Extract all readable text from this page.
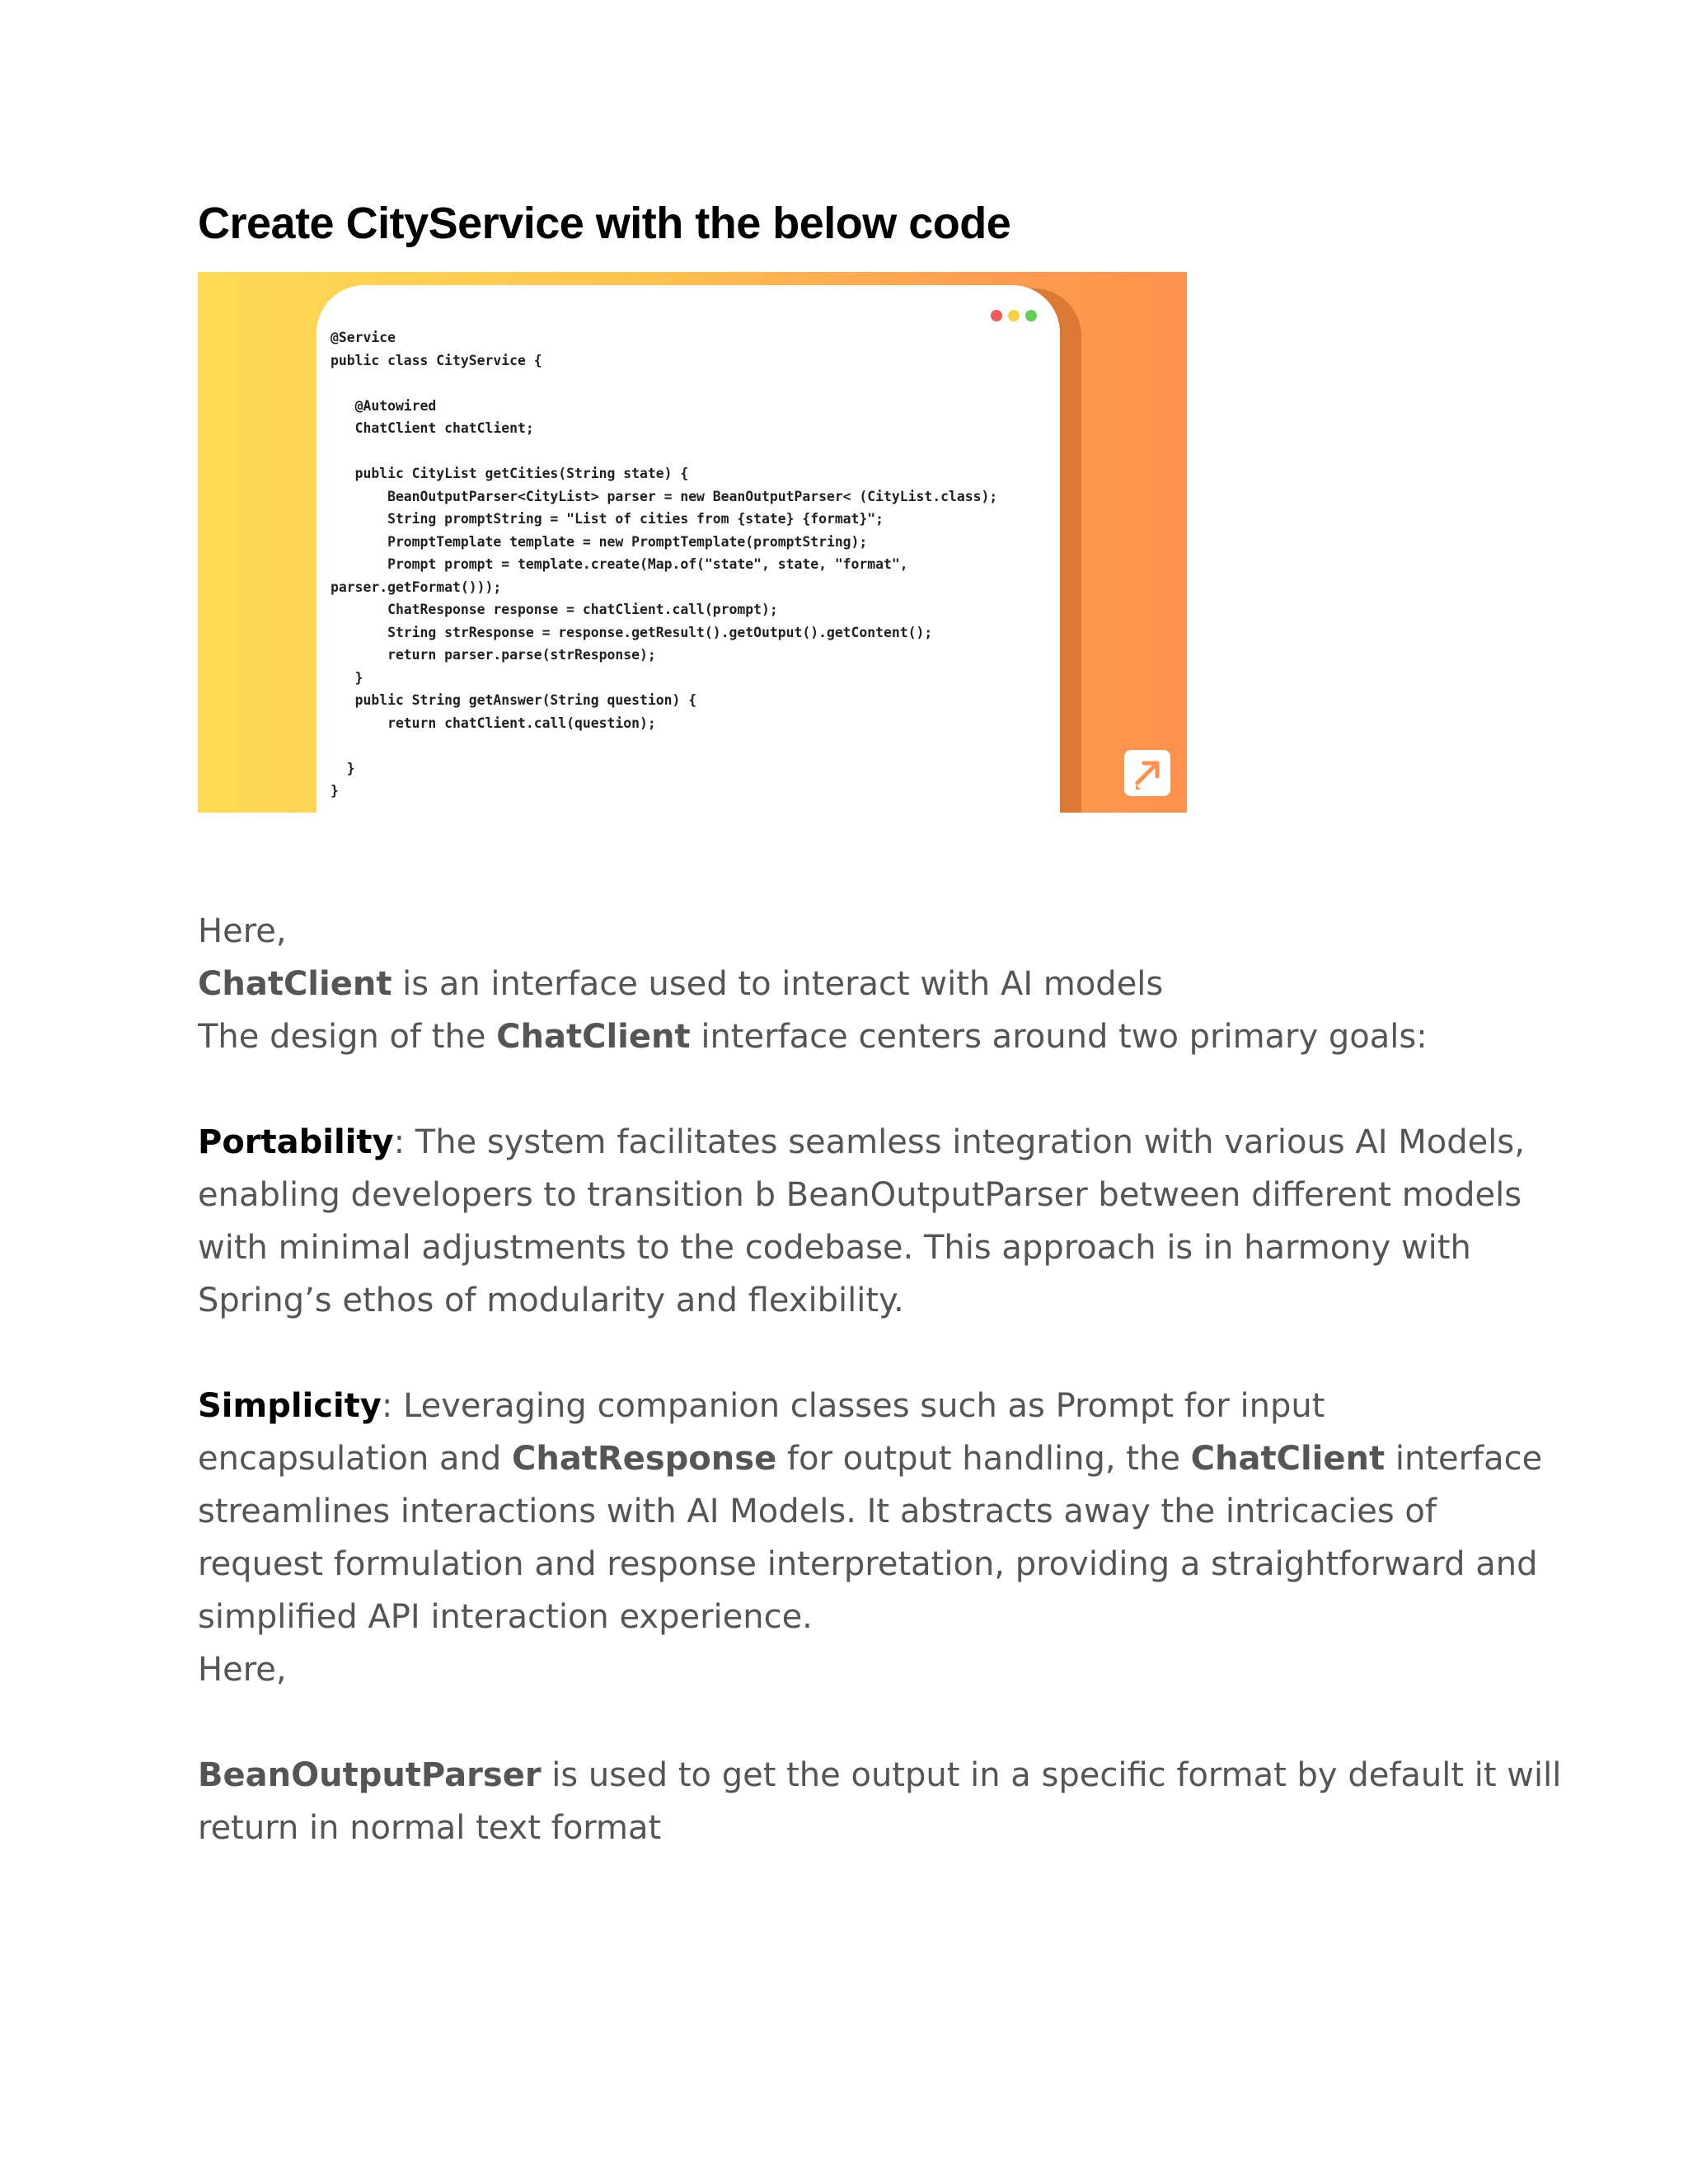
Create CityService with the below code
@Service
public class CityService {

@Autowired
ChatClient chatClient;

public CityList getCities(String state) {
BeanOutputParser<CityList> parser = new BeanOutputParser< (CityList.class);
String promptString = "List of cities from {state} {format}";
PromptTemplate template = new PromptTemplate(promptString);
Prompt prompt = template.create(Map.of("state", state, "format",
parser.getFormat()));
ChatResponse response = chatClient.call(prompt);
String strResponse = response.getResult().getOutput().getContent();
return parser.parse(strResponse);
}
public String getAnswer(String question) {
return chatClient.call(question);

}
}

Here,

ChatClient is an interface used to interact with AI models

The design of the ChatClient interface centers around two primary goals:

Portability: The system facilitates seamless integration with various AI Models,

enabling developers to transition b BeanOutputParser between different models

with minimal adjustments to the codebase. This approach is in harmony with

Spring’s ethos of modularity and flexibility.

Simplicity: Leveraging companion classes such as Prompt for input

encapsulation and ChatResponse for output handling, the ChatClient interface

streamlines interactions with AI Models. It abstracts away the intricacies of

request formulation and response interpretation, providing a straightforward and

simplified API interaction experience.

Here,

BeanOutputParser is used to get the output in a specific format by default it will

return in normal text format
